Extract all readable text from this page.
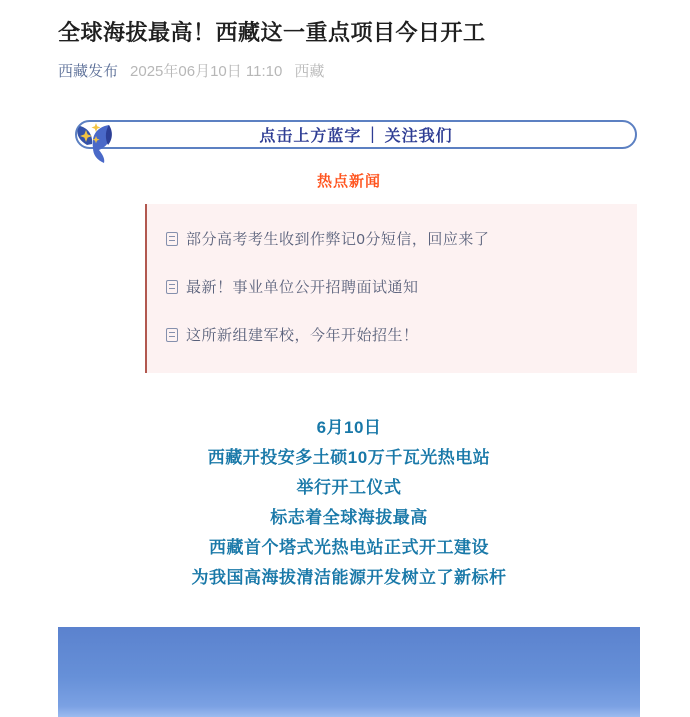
全球海拔最高！西藏这一重点项目今日开工
西藏发布 2025年06月10日 11:10 西藏
点击上方蓝字 | 关注我们
热点新闻
部分高考考生收到作弊记0分短信，回应来了
最新！事业单位公开招聘面试通知
这所新组建军校，今年开始招生！
6月10日
西藏开投安多土硕10万千瓦光热电站
举行开工仪式
标志着全球海拔最高
西藏首个塔式光热电站正式开工建设
为我国高海拔清洁能源开发树立了新标杆
